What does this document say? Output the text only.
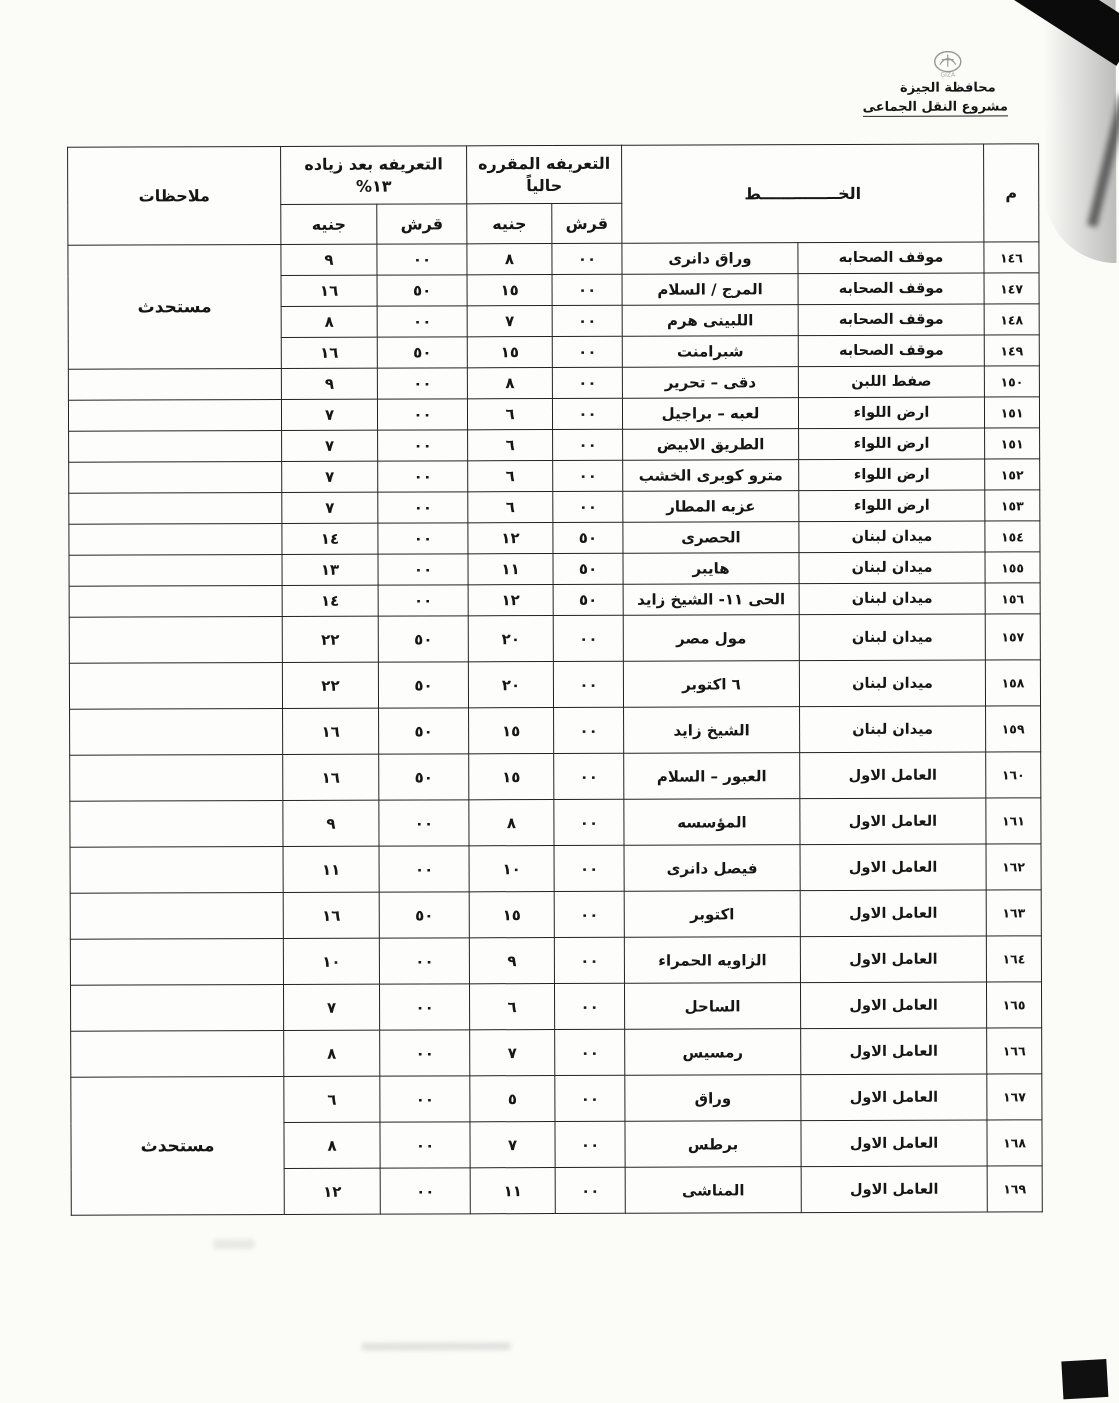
GIZA
محافظة الجيزة
مشروع النقل الجماعى
م	الخــــــــــــــط		التعريفه المقرره حالياً		التعريفه بعد زياده ١٣%		ملاحظات
			قرش	جنيه	قرش	جنيه	
١٤٦	موقف الصحابه	وراق دانرى	٠٠	٨	٠٠	٩	مستحدث
١٤٧	موقف الصحابه	المرج / السلام	٠٠	١٥	٥٠	١٦	
١٤٨	موقف الصحابه	اللبينى هرم	٠٠	٧	٠٠	٨	
١٤٩	موقف الصحابه	شبرامنت	٠٠	١٥	٥٠	١٦	
١٥٠	صفط اللبن	دقى – تحرير	٠٠	٨	٠٠	٩	
١٥١	ارض اللواء	لعبه – براجيل	٠٠	٦	٠٠	٧	
١٥١	ارض اللواء	الطريق الابيض	٠٠	٦	٠٠	٧	
١٥٢	ارض اللواء	مترو كوبرى الخشب	٠٠	٦	٠٠	٧	
١٥٣	ارض اللواء	عزبه المطار	٠٠	٦	٠٠	٧	
١٥٤	ميدان لبنان	الحصرى	٥٠	١٢	٠٠	١٤	
١٥٥	ميدان لبنان	هايبر	٥٠	١١	٠٠	١٣	
١٥٦	ميدان لبنان	الحى ١١- الشيخ زايد	٥٠	١٢	٠٠	١٤	
١٥٧	ميدان لبنان	مول مصر	٠٠	٢٠	٥٠	٢٢	
١٥٨	ميدان لبنان	٦ اكتوبر	٠٠	٢٠	٥٠	٢٢	
١٥٩	ميدان لبنان	الشيخ زايد	٠٠	١٥	٥٠	١٦	
١٦٠	العامل الاول	العبور – السلام	٠٠	١٥	٥٠	١٦	
١٦١	العامل الاول	المؤسسه	٠٠	٨	٠٠	٩	
١٦٢	العامل الاول	فيصل دانرى	٠٠	١٠	٠٠	١١	
١٦٣	العامل الاول	اكتوبر	٠٠	١٥	٥٠	١٦	
١٦٤	العامل الاول	الزاويه الحمراء	٠٠	٩	٠٠	١٠	
١٦٥	العامل الاول	الساحل	٠٠	٦	٠٠	٧	
١٦٦	العامل الاول	رمسيس	٠٠	٧	٠٠	٨	
١٦٧	العامل الاول	وراق	٠٠	٥	٠٠	٦	مستحدث
١٦٨	العامل الاول	برطس	٠٠	٧	٠٠	٨	
١٦٩	العامل الاول	المناشى	٠٠	١١	٠٠	١٢	
